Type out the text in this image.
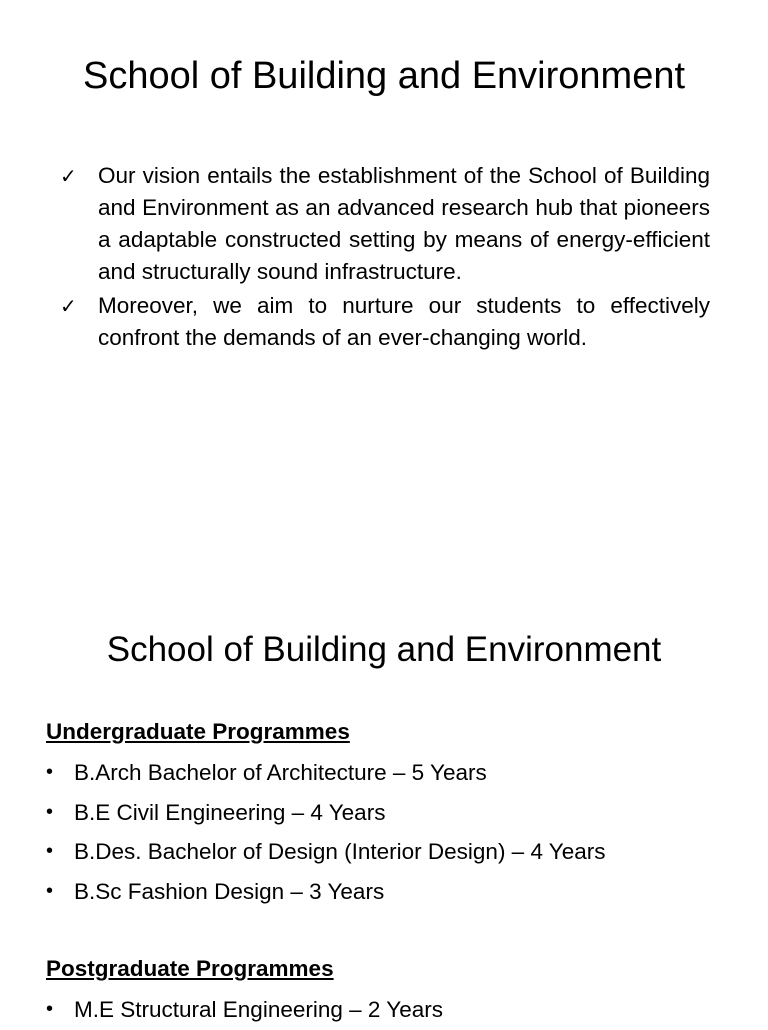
School of Building and Environment
✓ Our vision entails the establishment of the School of Building and Environment as an advanced research hub that pioneers a adaptable constructed setting by means of energy-efficient and structurally sound infrastructure.
✓ Moreover, we aim to nurture our students to effectively confront the demands of an ever-changing world.
School of Building and Environment

Undergraduate Programmes

• B.Arch Bachelor of Architecture – 5 Years
• B.E Civil Engineering – 4 Years
• B.Des. Bachelor of Design (Interior Design) – 4 Years
• B.Sc Fashion Design – 3 Years

Postgraduate Programmes

• M.E Structural Engineering – 2 Years
